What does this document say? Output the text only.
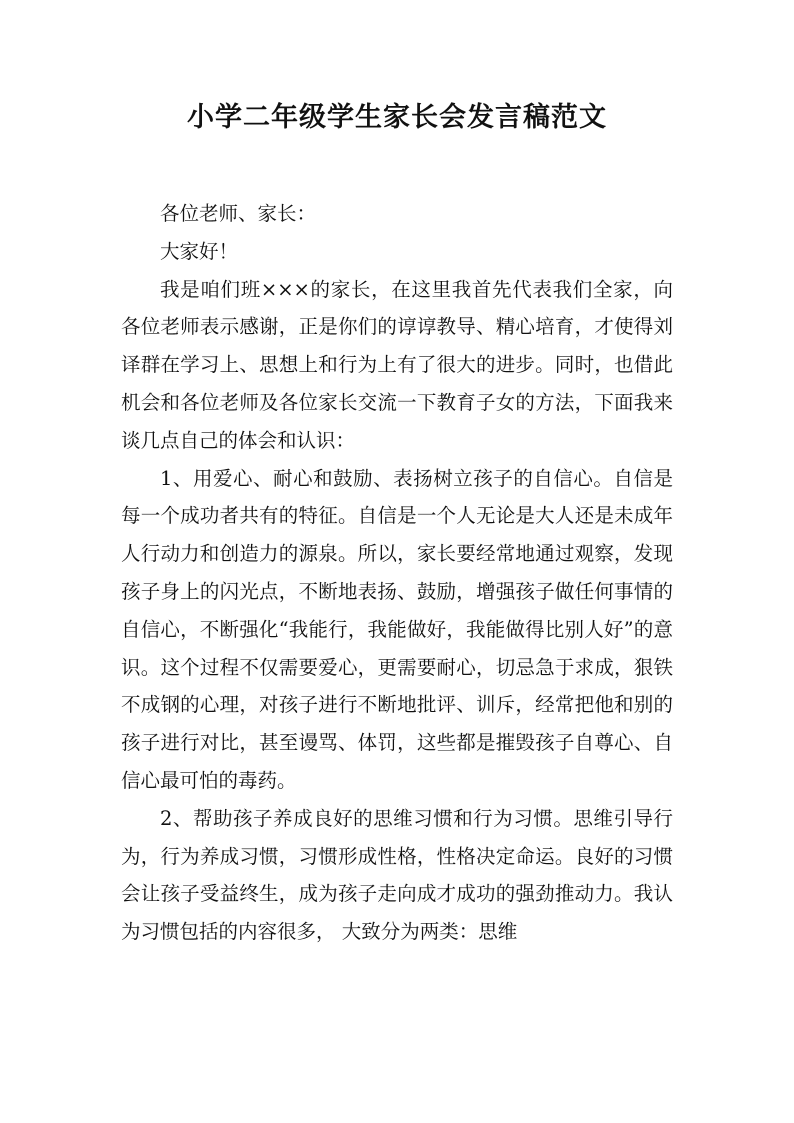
小学二年级学生家长会发言稿范文

各位老师、家长：

大家好！

我是咱们班×××的家长，在这里我首先代表我们全家，向各位老师表示感谢，正是你们的谆谆教导、精心培育，才使得刘译群在学习上、思想上和行为上有了很大的进步。同时，也借此机会和各位老师及各位家长交流一下教育子女的方法，下面我来谈几点自己的体会和认识：

1、用爱心、耐心和鼓励、表扬树立孩子的自信心。自信是每一个成功者共有的特征。自信是一个人无论是大人还是未成年人行动力和创造力的源泉。所以，家长要经常地通过观察，发现孩子身上的闪光点，不断地表扬、鼓励，增强孩子做任何事情的自信心，不断强化“我能行，我能做好，我能做得比别人好”的意识。这个过程不仅需要爱心，更需要耐心，切忌急于求成，狠铁不成钢的心理，对孩子进行不断地批评、训斥，经常把他和别的孩子进行对比，甚至谩骂、体罚，这些都是摧毁孩子自尊心、自信心最可怕的毒药。

2、帮助孩子养成良好的思维习惯和行为习惯。思维引导行为，行为养成习惯，习惯形成性格，性格决定命运。良好的习惯会让孩子受益终生，成为孩子走向成才成功的强劲推动力。我认为习惯包括的内容很多， 大致分为两类：思维
